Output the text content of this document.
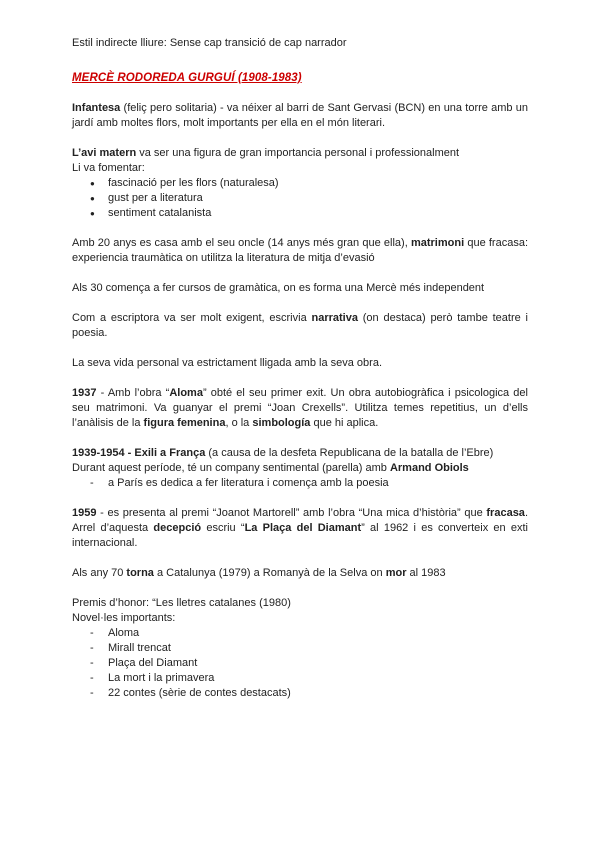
Estil indirecte lliure: Sense cap transició de cap narrador

MERCÈ RODOREDA GURGUÍ (1908-1983)

Infantesa (feliç pero solitaria) - va néixer al barri de Sant Gervasi (BCN) en una torre amb un jardí amb moltes flors, molt importants per ella en el món literari.

L’avi matern va ser una figura de gran importancia personal i professionalment

Li va fomentar:

● fascinació per les flors (naturalesa)
● gust per a literatura
● sentiment catalanista

Amb 20 anys es casa amb el seu oncle (14 anys més gran que ella), matrimoni que fracasa: experiencia traumàtica on utilitza la literatura de mitja d’evasió

Als 30 comença a fer cursos de gramàtica, on es forma una Mercè més independent

Com a escriptora va ser molt exigent, escrivia narrativa (on destaca) però tambe teatre i poesia.

La seva vida personal va estrictament lligada amb la seva obra.

1937 - Amb l’obra “Aloma” obté el seu primer exit. Un obra autobiogràfica i psicologica del seu matrimoni. Va guanyar el premi “Joan Crexells”. Utilitza temes repetitius, un d’ells l’anàlisis de la figura femenina, o la simbología que hi aplica.

1939-1954 - Exili a França (a causa de la desfeta Republicana de la batalla de l’Ebre)

Durant aquest període, té un company sentimental (parella) amb Armand Obiols

- a París es dedica a fer literatura i comença amb la poesia

1959 - es presenta al premi “Joanot Martorell” amb l’obra “Una mica d’història” que fracasa. Arrel d’aquesta decepció escriu “La Plaça del Diamant” al 1962 i es converteix en exti internacional.

Als any 70 torna a Catalunya (1979) a Romanyà de la Selva on mor al 1983

Premis d’honor: “Les lletres catalanes (1980)

Novel·les importants:

- Aloma
- Mirall trencat
- Plaça del Diamant
- La mort i la primavera
- 22 contes (sèrie de contes destacats)
